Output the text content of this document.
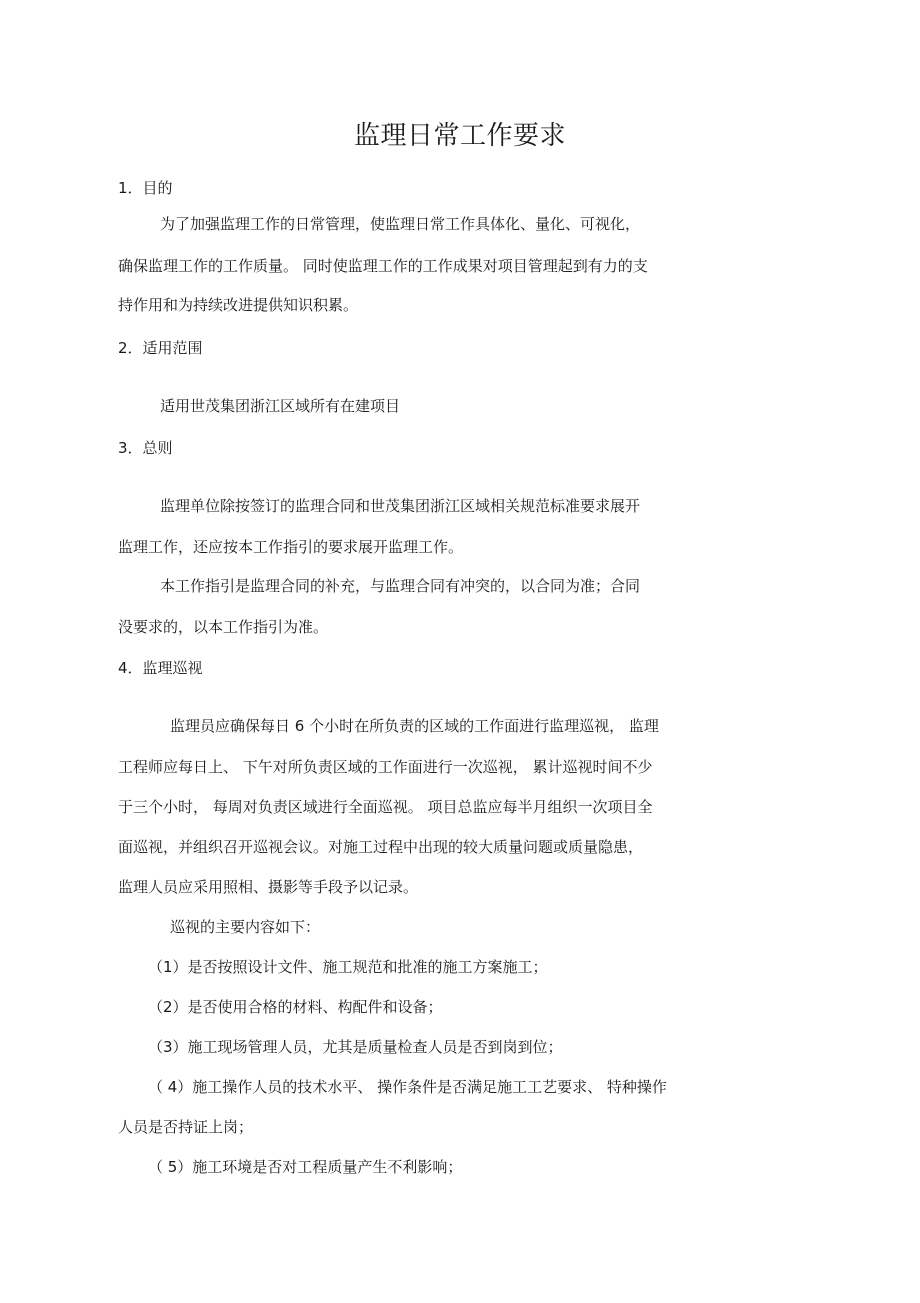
监理日常工作要求
1．目的
为了加强监理工作的日常管理，使监理日常工作具体化、量化、可视化，
确保监理工作的工作质量。 同时使监理工作的工作成果对项目管理起到有力的支
持作用和为持续改进提供知识积累。
2．适用范围
适用世茂集团浙江区域所有在建项目
3．总则
监理单位除按签订的监理合同和世茂集团浙江区域相关规范标准要求展开
监理工作，还应按本工作指引的要求展开监理工作。
本工作指引是监理合同的补充，与监理合同有冲突的，以合同为准；合同
没要求的，以本工作指引为准。
4．监理巡视
监理员应确保每日 6 个小时在所负责的区域的工作面进行监理巡视， 监理
工程师应每日上、 下午对所负责区域的工作面进行一次巡视， 累计巡视时间不少
于三个小时， 每周对负责区域进行全面巡视。 项目总监应每半月组织一次项目全
面巡视，并组织召开巡视会议。对施工过程中出现的较大质量问题或质量隐患，
监理人员应采用照相、摄影等手段予以记录。
巡视的主要内容如下：
（1）是否按照设计文件、施工规范和批准的施工方案施工；
（2）是否使用合格的材料、构配件和设备；
（3）施工现场管理人员，尤其是质量检查人员是否到岗到位；
（ 4）施工操作人员的技术水平、 操作条件是否满足施工工艺要求、 特种操作
人员是否持证上岗；
（ 5）施工环境是否对工程质量产生不利影响；
